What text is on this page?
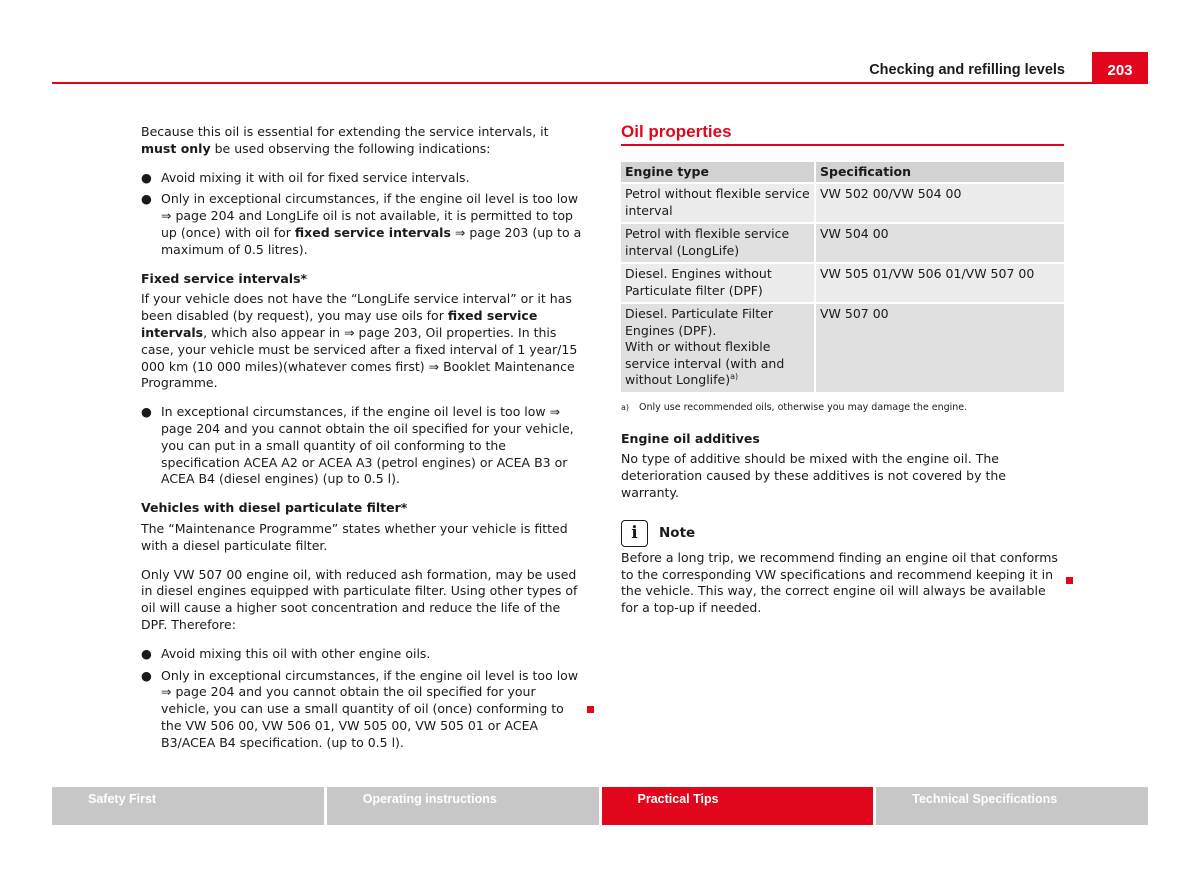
Checking and refilling levels	203

Because this oil is essential for extending the service intervals, it must only be used observing the following indications:

● Avoid mixing it with oil for fixed service intervals.
● Only in exceptional circumstances, if the engine oil level is too low ⇒ page 204 and LongLife oil is not available, it is permitted to top up (once) with oil for fixed service intervals ⇒ page 203 (up to a maximum of 0.5 litres).
Fixed service intervals*

If your vehicle does not have the “LongLife service interval” or it has been disabled (by request), you may use oils for fixed service intervals, which also appear in ⇒ page 203, Oil properties. In this case, your vehicle must be serviced after a fixed interval of 1 year/15 000 km (10 000 miles)(whatever comes first) ⇒ Booklet Maintenance Programme.

● In exceptional circumstances, if the engine oil level is too low ⇒ page 204 and you cannot obtain the oil specified for your vehicle, you can put in a small quantity of oil conforming to the specification ACEA A2 or ACEA A3 (petrol engines) or ACEA B3 or ACEA B4 (diesel engines) (up to 0.5 l).
Vehicles with diesel particulate filter*

The “Maintenance Programme” states whether your vehicle is fitted with a diesel particulate filter.

Only VW 507 00 engine oil, with reduced ash formation, may be used in diesel engines equipped with particulate filter. Using other types of oil will cause a higher soot concentration and reduce the life of the DPF. Therefore:

● Avoid mixing this oil with other engine oils.
● Only in exceptional circumstances, if the engine oil level is too low ⇒ page 204 and you cannot obtain the oil specified for your vehicle, you can use a small quantity of oil (once) conforming to the VW 506 00, VW 506 01, VW 505 00, VW 505 01 or ACEA B3/ACEA B4 specification. (up to 0.5 l).
Oil properties
Engine type	Specification
Petrol without flexible service interval	VW 502 00/VW 504 00
Petrol with flexible service interval (LongLife)	VW 504 00
Diesel. Engines without Particulate filter (DPF)	VW 505 01/VW 506 01/VW 507 00
Diesel. Particulate Filter Engines (DPF).
With or without flexible service interval (with and without Longlife)$^{a)}$	VW 507 00
a) Only use recommended oils, otherwise you may damage the engine.
Engine oil additives

No type of additive should be mixed with the engine oil. The deterioration caused by these additives is not covered by the warranty.

i	Note

Before a long trip, we recommend finding an engine oil that conforms to the corresponding VW specifications and recommend keeping it in the vehicle. This way, the correct engine oil will always be available for a top-up if needed.

Safety First	Operating instructions	Practical Tips	Technical Specifications
